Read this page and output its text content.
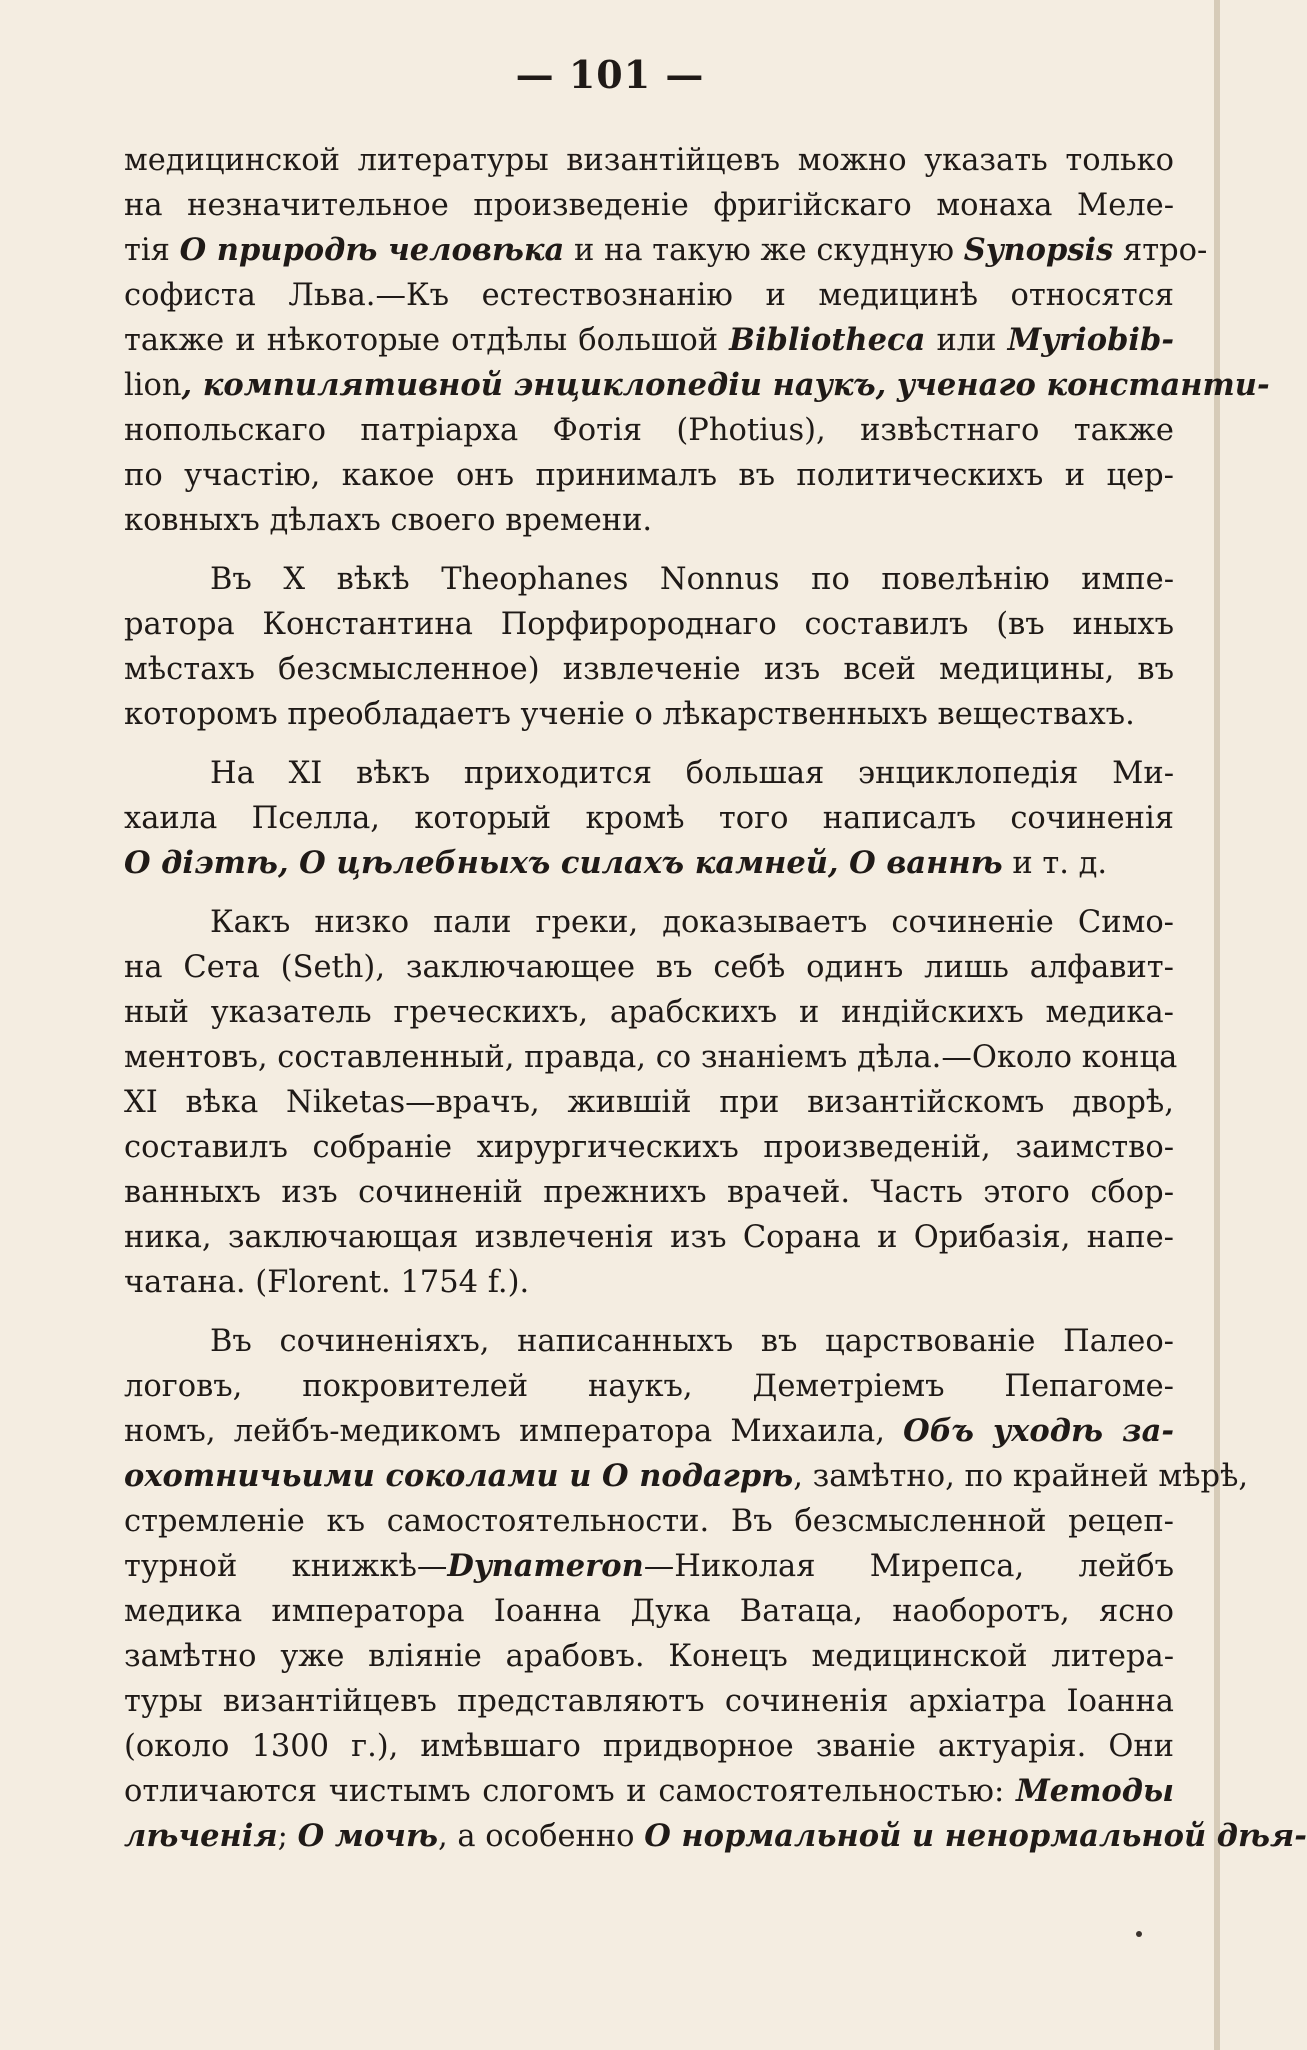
— 101 —
медицинской литературы византійцевъ можно указать только
на незначительное произведеніе фригійскаго монаха Меле-
тія О природѣ человѣка и на такую же скудную Synopsis ятро-
софиста Льва.—Къ естествознанію и медицинѣ относятся
также и нѣкоторые отдѣлы большой Bibliotheca или Myriobib-
lion, компилятивной энциклопедіи наукъ, ученаго константи-
нопольскаго патріарха Фотія (Photius), извѣстнаго также
по участію, какое онъ принималъ въ политическихъ и цер-
ковныхъ дѣлахъ своего времени.
Въ X вѣкѣ Theophanes Nonnus по повелѣнію импе-
ратора Константина Порфиророднаго составилъ (въ иныхъ
мѣстахъ безсмысленное) извлеченіе изъ всей медицины, въ
которомъ преобладаетъ ученіе о лѣкарственныхъ веществахъ.
На XI вѣкъ приходится большая энциклопедія Ми-
хаила Пселла, который кромѣ того написалъ сочиненія
О діэтѣ, О цѣлебныхъ силахъ камней, О ваннѣ и т. д.
Какъ низко пали греки, доказываетъ сочиненіе Симо-
на Сета (Seth), заключающее въ себѣ одинъ лишь алфавит-
ный указатель греческихъ, арабскихъ и индійскихъ медика-
ментовъ, составленный, правда, со знаніемъ дѣла.—Около конца
XI вѣка Niketas—врачъ, жившій при византійскомъ дворѣ,
составилъ собраніе хирургическихъ произведеній, заимство-
ванныхъ изъ сочиненій прежнихъ врачей. Часть этого сбор-
ника, заключающая извлеченія изъ Сорана и Орибазія, напе-
чатана. (Florent. 1754 f.).
Въ сочиненіяхъ, написанныхъ въ царствованіе Палео-
логовъ, покровителей наукъ, Деметріемъ Пепагоме-
номъ, лейбъ-медикомъ императора Михаила, Объ уходѣ за-
охотничьими соколами и О подагрѣ, замѣтно, по крайней мѣрѣ,
стремленіе къ самостоятельности. Въ безсмысленной рецеп-
турной книжкѣ—Dynameron—Николая Мирепса, лейбъ
медика императора Іоанна Дука Ватаца, наоборотъ, ясно
замѣтно уже вліяніе арабовъ. Конецъ медицинской литера-
туры византійцевъ представляютъ сочиненія архіатра Іоанна
(около 1300 г.), имѣвшаго придворное званіе актуарія. Они
отличаются чистымъ слогомъ и самостоятельностью: Методы
лѣченія; О мочѣ, а особенно О нормальной и ненормальной дѣя-
